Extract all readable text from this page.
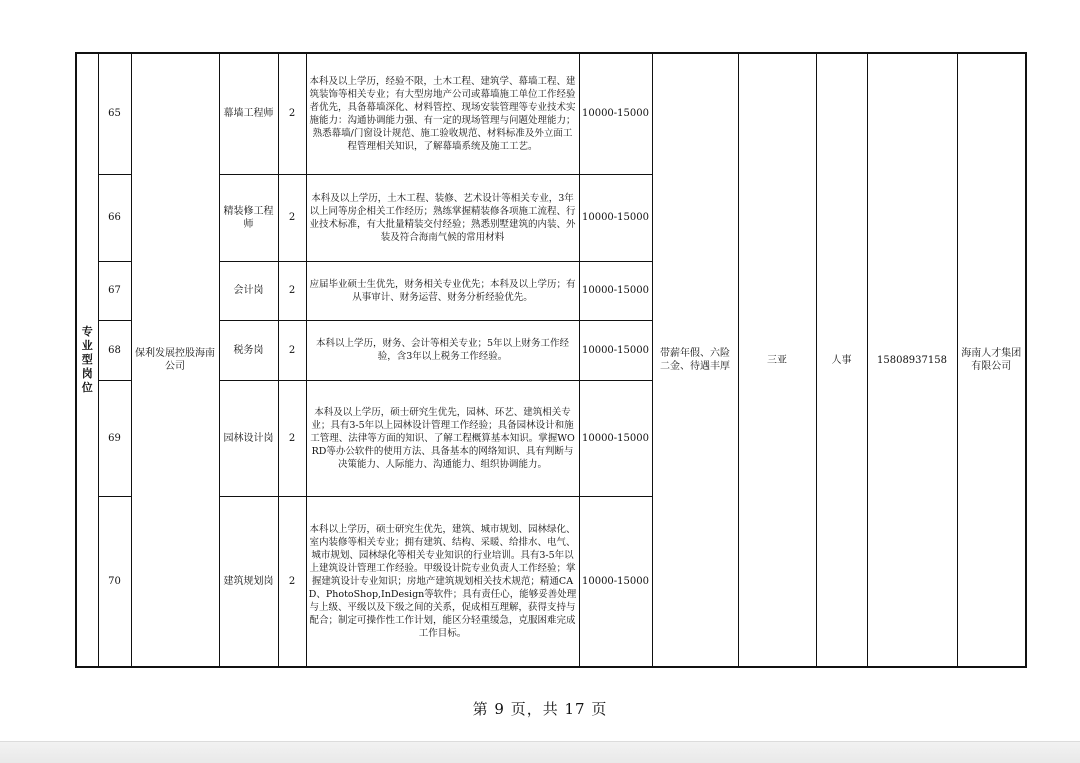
专业型岗位	65	保利发展控股海南公司	幕墙工程师	2	本科及以上学历，经验不限，土木工程、建筑学、幕墙工程、建筑装饰等相关专业；有大型房地产公司或幕墙施工单位工作经验者优先，具备幕墙深化、材料管控、现场安装管理等专业技术实施能力：沟通协调能力强、有一定的现场管理与问题处理能力；熟悉幕墙/门窗设计规范、施工验收规范、材料标准及外立面工程管理相关知识，了解幕墙系统及施工工艺。	10000-15000	带薪年假、六险二金、待遇丰厚	三亚	人事	15808937158	海南人才集团有限公司
	66		精装修工程师	2	本科及以上学历，土木工程、装修、艺术设计等相关专业，3年以上同等房企相关工作经历；熟练掌握精装修各项施工流程、行业技术标准，有大批量精装交付经验；熟悉别墅建筑的内装、外装及符合海南气候的常用材料	10000-15000					
	67		会计岗	2	应届毕业硕士生优先，财务相关专业优先；本科及以上学历；有从事审计、财务运营、财务分析经验优先。	10000-15000					
	68		税务岗	2	本科以上学历，财务、会计等相关专业；5年以上财务工作经验，含3年以上税务工作经验。	10000-15000					
	69		园林设计岗	2	本科及以上学历，硕士研究生优先，园林、环艺、建筑相关专业；具有3-5年以上园林设计管理工作经验；具备园林设计和施工管理、法律等方面的知识、了解工程概算基本知识。掌握WORD等办公软件的使用方法、具备基本的网络知识、具有判断与决策能力、人际能力、沟通能力、组织协调能力。	10000-15000					
	70		建筑规划岗	2	本科以上学历，硕士研究生优先，建筑、城市规划、园林绿化、室内装修等相关专业；拥有建筑、结构、采暖、给排水、电气、城市规划、园林绿化等相关专业知识的行业培训。具有3-5年以上建筑设计管理工作经验。甲级设计院专业负责人工作经验；掌握建筑设计专业知识；房地产建筑规划相关技术规范；精通CAD、PhotoShop,InDesign等软件；具有责任心，能够妥善处理与上级、平级以及下级之间的关系，促成相互理解，获得支持与配合；制定可操作性工作计划，能区分轻重缓急，克服困难完成工作目标。	10000-15000					
第 9 页，共 17 页
